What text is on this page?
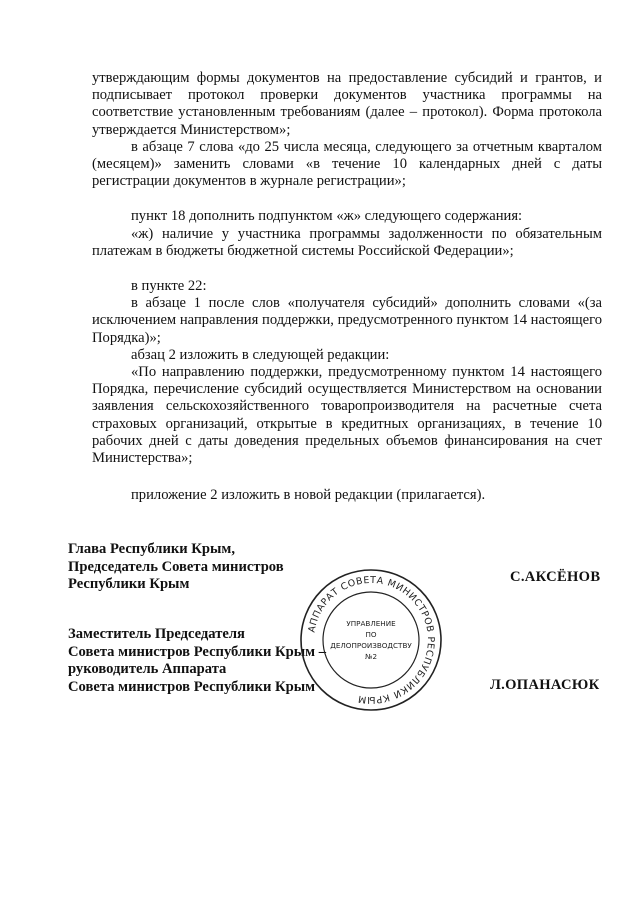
утверждающим формы документов на предоставление субсидий и грантов, и подписывает протокол проверки документов участника программы на соответствие установленным требованиям (далее – протокол). Форма протокола утверждается Министерством»;

в абзаце 7 слова «до 25 числа месяца, следующего за отчетным кварталом (месяцем)» заменить словами «в течение 10 календарных дней с даты регистрации документов в журнале регистрации»;

пункт 18 дополнить подпунктом «ж» следующего содержания:

«ж) наличие у участника программы задолженности по обязательным платежам в бюджеты бюджетной системы Российской Федерации»;

в пункте 22:

в абзаце 1 после слов «получателя субсидий» дополнить словами «(за исключением направления поддержки, предусмотренного пунктом 14 настоящего Порядка)»;

абзац 2 изложить в следующей редакции:

«По направлению поддержки, предусмотренному пунктом 14 настоящего Порядка, перечисление субсидий осуществляется Министерством на основании заявления сельскохозяйственного товаропроизводителя на расчетные счета страховых организаций, открытые в кредитных организациях, в течение 10 рабочих дней с даты доведения предельных объемов финансирования на счет Министерства»;

приложение 2 изложить в новой редакции (прилагается).

Глава Республики Крым,
Председатель Совета министров
Республики Крым	С.АКСЁНОВ
Заместитель Председателя
Совета министров Республики Крым –
руководитель Аппарата
Совета министров Республики Крым	Л.ОПАНАСЮК
АППАРАТ СОВЕТА МИНИСТРОВ РЕСПУБЛИКИ КРЫМ
УПРАВЛЕНИЕ
ПО
ДЕЛОПРОИЗВОДСТВУ
№2
